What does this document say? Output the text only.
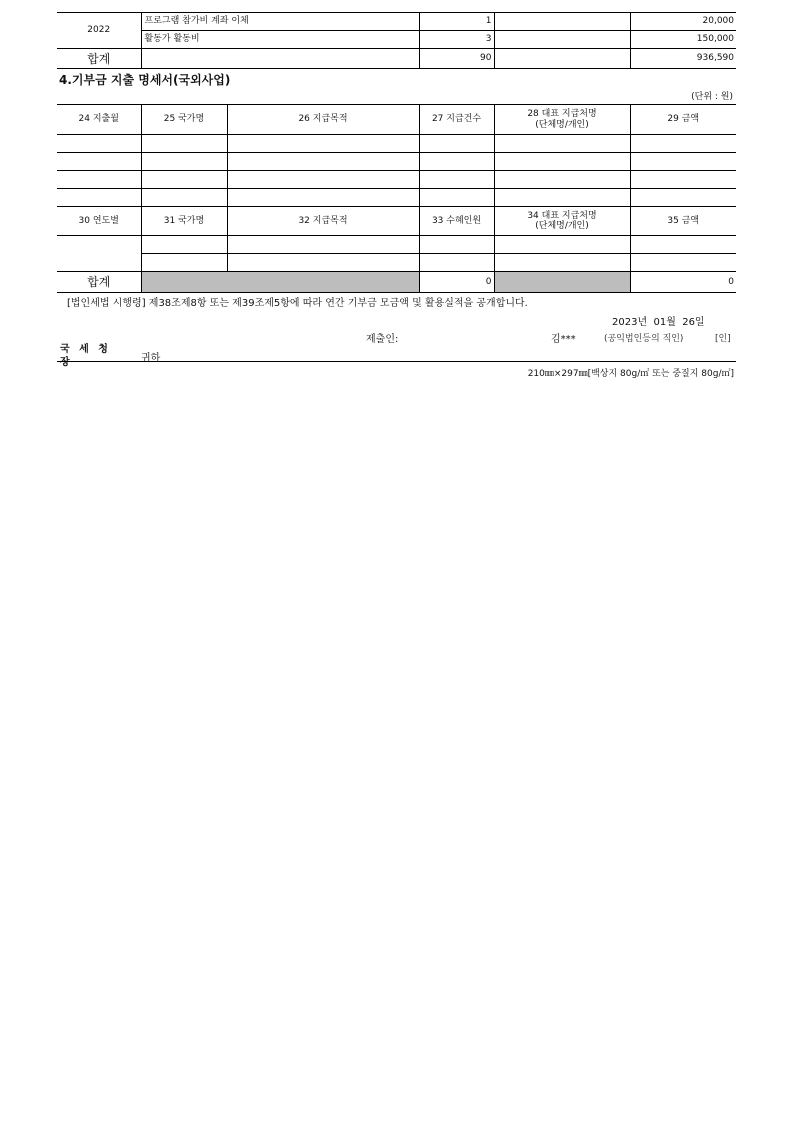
2022	프로그램 참가비 계좌 이체	1		20,000
	활동가 활동비	3		150,000
합계		90		936,590
4.기부금 지출 명세서(국외사업)
(단위 : 원)
24 지출월	25 국가명	26 지급목적	27 지급건수	28 대표 지급처명
(단체명/개인)	29 금액

30 연도별	31 국가명	32 지급목적	33 수혜인원	34 대표 지급처명
(단체명/개인)	35 금액

합계			0		0
[법인세법 시행령] 제38조제8항 또는 제39조제5항에 따라 연간 기부금 모금액 및 활용실적을 공개합니다.
2023년  01월  26일
제출인:	김***	(공익법인등의 직인)	[인]
국 세 청 장	귀하
210㎜×297㎜[백상지 80g/㎡ 또는 중질지 80g/㎡]
